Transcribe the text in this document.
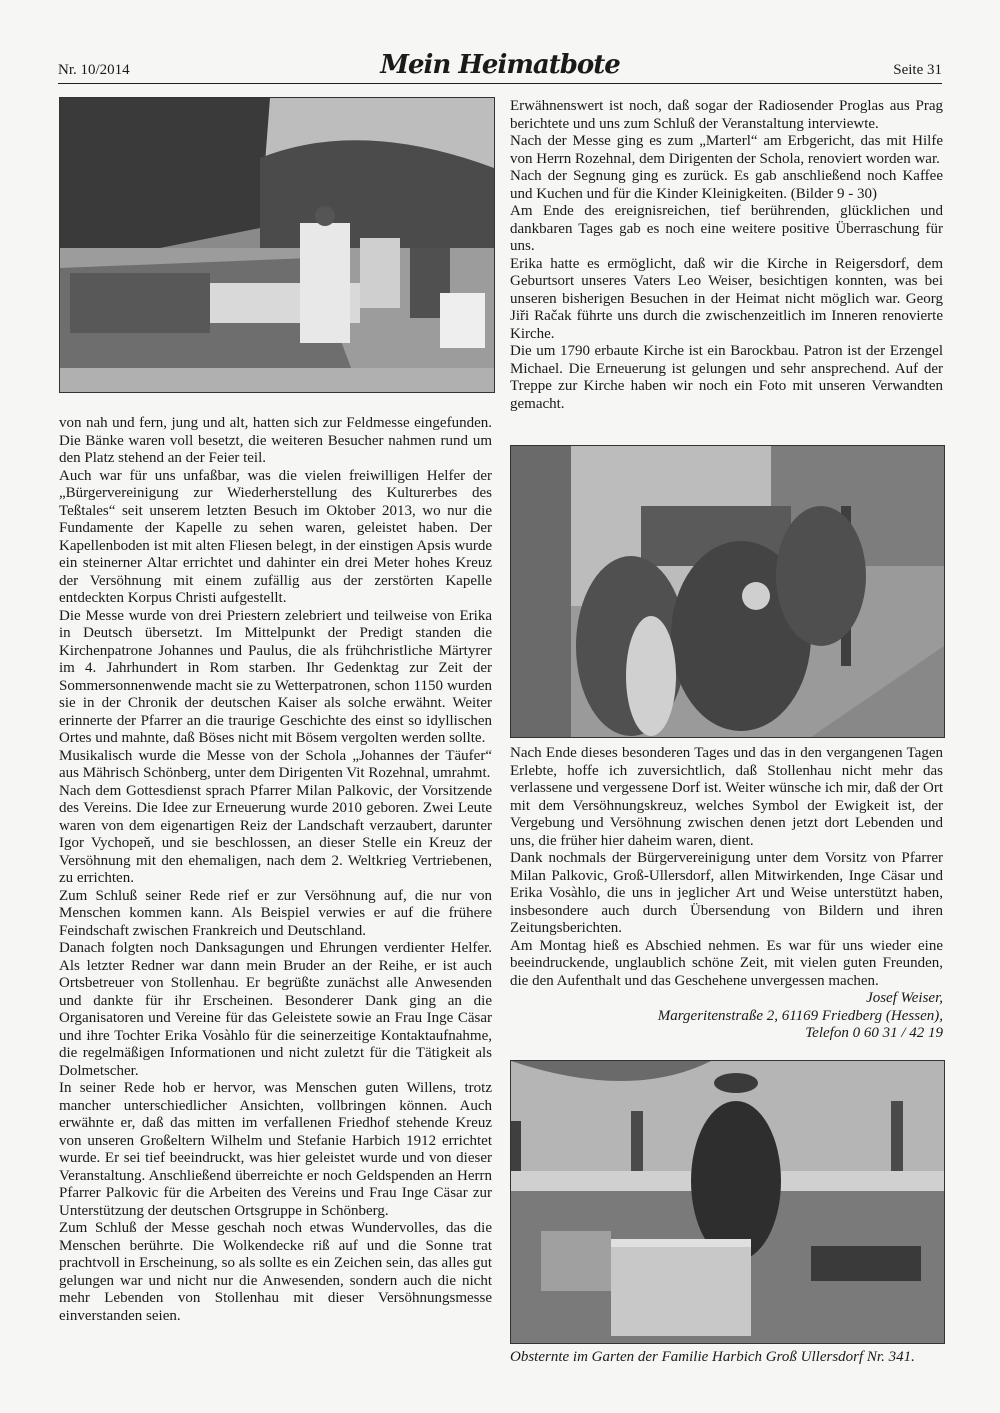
Nr. 10/2014	Mein Heimatbote	Seite 31

von nah und fern, jung und alt, hatten sich zur Feldmesse eingefunden. Die Bänke waren voll besetzt, die weiteren Besucher nahmen rund um den Platz stehend an der Feier teil.

Auch war für uns unfaßbar, was die vielen freiwilligen Helfer der „Bürgervereinigung zur Wiederherstellung des Kulturerbes des Teßtales“ seit unserem letzten Besuch im Oktober 2013, wo nur die Fundamente der Kapelle zu sehen waren, geleistet haben. Der Kapellenboden ist mit alten Fliesen belegt, in der einstigen Apsis wurde ein steinerner Altar errichtet und dahinter ein drei Meter hohes Kreuz der Versöhnung mit einem zufällig aus der zerstörten Kapelle entdeckten Korpus Christi aufgestellt.

Die Messe wurde von drei Priestern zelebriert und teilweise von Erika in Deutsch übersetzt. Im Mittelpunkt der Predigt standen die Kirchenpatrone Johannes und Paulus, die als frühchristliche Märtyrer im 4. Jahrhundert in Rom starben. Ihr Gedenktag zur Zeit der Sommersonnenwende macht sie zu Wetterpatronen, schon 1150 wurden sie in der Chronik der deutschen Kaiser als solche erwähnt. Weiter erinnerte der Pfarrer an die traurige Geschichte des einst so idyllischen Ortes und mahnte, daß Böses nicht mit Bösem vergolten werden sollte.

Musikalisch wurde die Messe von der Schola „Johannes der Täufer“ aus Mährisch Schönberg, unter dem Dirigenten Vit Rozehnal, umrahmt.

Nach dem Gottesdienst sprach Pfarrer Milan Palkovic, der Vorsitzende des Vereins. Die Idee zur Erneuerung wurde 2010 geboren. Zwei Leute waren von dem eigenartigen Reiz der Landschaft verzaubert, darunter Igor Vychopeň, und sie beschlossen, an dieser Stelle ein Kreuz der Versöhnung mit den ehemaligen, nach dem 2. Weltkrieg Vertriebenen, zu errichten.

Zum Schluß seiner Rede rief er zur Versöhnung auf, die nur von Menschen kommen kann. Als Beispiel verwies er auf die frühere Feindschaft zwischen Frankreich und Deutschland.

Danach folgten noch Danksagungen und Ehrungen verdienter Helfer. Als letzter Redner war dann mein Bruder an der Reihe, er ist auch Ortsbetreuer von Stollenhau. Er begrüßte zunächst alle Anwesenden und dankte für ihr Erscheinen. Besonderer Dank ging an die Organisatoren und Vereine für das Geleistete sowie an Frau Inge Cäsar und ihre Tochter Erika Vosàhlo für die seinerzeitige Kontaktaufnahme, die regelmäßigen Informationen und nicht zuletzt für die Tätigkeit als Dolmetscher.

In seiner Rede hob er hervor, was Menschen guten Willens, trotz mancher unterschiedlicher Ansichten, vollbringen können. Auch erwähnte er, daß das mitten im verfallenen Friedhof stehende Kreuz von unseren Großeltern Wilhelm und Stefanie Harbich 1912 errichtet wurde. Er sei tief beeindruckt, was hier geleistet wurde und von dieser Veranstaltung. Anschließend überreichte er noch Geldspenden an Herrn Pfarrer Palkovic für die Arbeiten des Vereins und Frau Inge Cäsar zur Unterstützung der deutschen Ortsgruppe in Schönberg.

Zum Schluß der Messe geschah noch etwas Wundervolles, das die Menschen berührte. Die Wolkendecke riß auf und die Sonne trat prachtvoll in Erscheinung, so als sollte es ein Zeichen sein, das alles gut gelungen war und nicht nur die Anwesenden, sondern auch die nicht mehr Lebenden von Stollenhau mit dieser Versöhnungsmesse einverstanden seien.

Erwähnenswert ist noch, daß sogar der Radiosender Proglas aus Prag berichtete und uns zum Schluß der Veranstaltung interviewte.

Nach der Messe ging es zum „Marterl“ am Erbgericht, das mit Hilfe von Herrn Rozehnal, dem Dirigenten der Schola, renoviert worden war.

Nach der Segnung ging es zurück. Es gab anschließend noch Kaffee und Kuchen und für die Kinder Kleinigkeiten. (Bilder 9 - 30)

Am Ende des ereignisreichen, tief berührenden, glücklichen und dankbaren Tages gab es noch eine weitere positive Überraschung für uns.

Erika hatte es ermöglicht, daß wir die Kirche in Reigersdorf, dem Geburtsort unseres Vaters Leo Weiser, besichtigen konnten, was bei unseren bisherigen Besuchen in der Heimat nicht möglich war. Georg Jiři Račak führte uns durch die zwischenzeitlich im Inneren renovierte Kirche.

Die um 1790 erbaute Kirche ist ein Barockbau. Patron ist der Erzengel Michael. Die Erneuerung ist gelungen und sehr ansprechend. Auf der Treppe zur Kirche haben wir noch ein Foto mit unseren Verwandten gemacht.

Nach Ende dieses besonderen Tages und das in den vergangenen Tagen Erlebte, hoffe ich zuversichtlich, daß Stollenhau nicht mehr das verlassene und vergessene Dorf ist. Weiter wünsche ich mir, daß der Ort mit dem Versöhnungskreuz, welches Symbol der Ewigkeit ist, der Vergebung und Versöhnung zwischen denen jetzt dort Lebenden und uns, die früher hier daheim waren, dient.

Dank nochmals der Bürgervereinigung unter dem Vorsitz von Pfarrer Milan Palkovic, Groß-Ullersdorf, allen Mitwirkenden, Inge Cäsar und Erika Vosàhlo, die uns in jeglicher Art und Weise unterstützt haben, insbesondere auch durch Übersendung von Bildern und ihren Zeitungsberichten.

Am Montag hieß es Abschied nehmen. Es war für uns wieder eine beeindruckende, unglaublich schöne Zeit, mit vielen guten Freunden, die den Aufenthalt und das Geschehene unvergessen machen.

Josef Weiser,

Margeritenstraße 2, 61169 Friedberg (Hessen),

Telefon 0 60 31 / 42 19

Obsternte im Garten der Familie Harbich Groß Ullersdorf Nr. 341.
